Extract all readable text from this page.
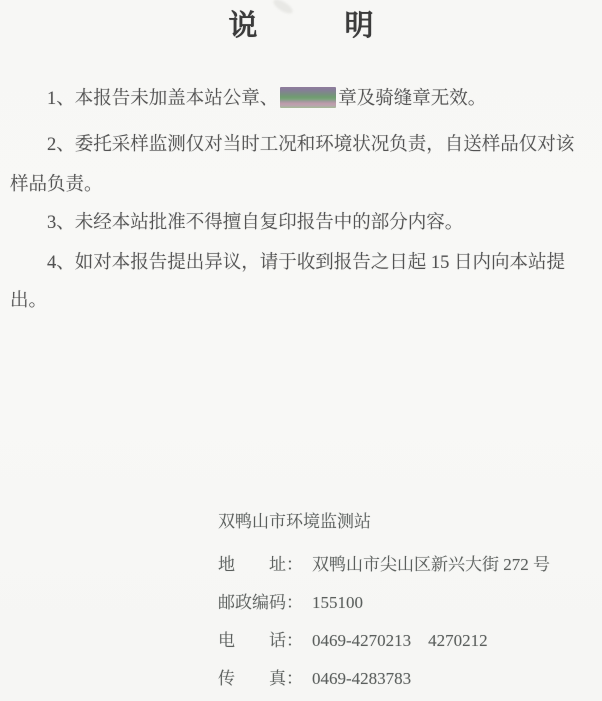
说　　　明

1、本报告未加盖本站公章、	章及骑缝章无效。

2、委托采样监测仅对当时工况和环境状况负责，自送样品仅对该

样品负责。

3、未经本站批准不得擅自复印报告中的部分内容。

4、如对本报告提出异议，请于收到报告之日起 15 日内向本站提

出。

双鸭山市环境监测站

地　　址： 双鸭山市尖山区新兴大街 272 号

邮政编码： 155100

电　　话： 0469-4270213　4270212

传　　真： 0469-4283783
